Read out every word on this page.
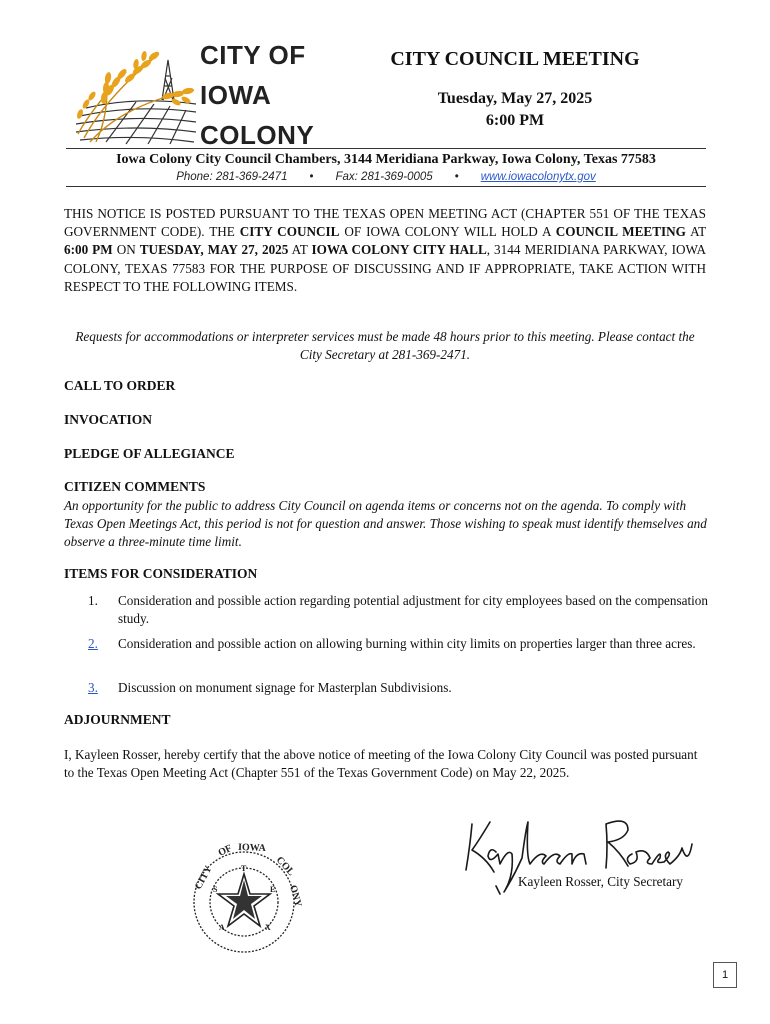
CITY OF
IOWA
COLONY
CITY COUNCIL MEETING
Tuesday, May 27, 2025
6:00 PM
Iowa Colony City Council Chambers, 3144 Meridiana Parkway, Iowa Colony, Texas 77583
Phone: 281-369-2471 • Fax: 281-369-0005 • www.iowacolonytx.gov

THIS NOTICE IS POSTED PURSUANT TO THE TEXAS OPEN MEETING ACT (CHAPTER 551 OF THE TEXAS GOVERNMENT CODE). THE CITY COUNCIL OF IOWA COLONY WILL HOLD A COUNCIL MEETING AT 6:00 PM ON TUESDAY, MAY 27, 2025 AT IOWA COLONY CITY HALL, 3144 MERIDIANA PARKWAY, IOWA COLONY, TEXAS 77583 FOR THE PURPOSE OF DISCUSSING AND IF APPROPRIATE, TAKE ACTION WITH RESPECT TO THE FOLLOWING ITEMS.

Requests for accommodations or interpreter services must be made 48 hours prior to this meeting. Please contact the City Secretary at 281-369-2471.

CALL TO ORDER

INVOCATION

PLEDGE OF ALLEGIANCE

CITIZEN COMMENTS

An opportunity for the public to address City Council on agenda items or concerns not on the agenda. To comply with Texas Open Meetings Act, this period is not for question and answer. Those wishing to speak must identify themselves and observe a three-minute time limit.

ITEMS FOR CONSIDERATION

1.	Consideration and possible action regarding potential adjustment for city employees based on the compensation study.
2.	Consideration and possible action on allowing burning within city limits on properties larger than three acres.
3.	Discussion on monument signage for Masterplan Subdivisions.

ADJOURNMENT

I, Kayleen Rosser, hereby certify that the above notice of meeting of the Iowa Colony City Council was posted pursuant to the Texas Open Meeting Act (Chapter 551 of the Texas Government Code) on May 22, 2025.

T
E
X
A
S
CITY
OF IOWA
COL
ONY
Kayleen Rosser, City Secretary
1
